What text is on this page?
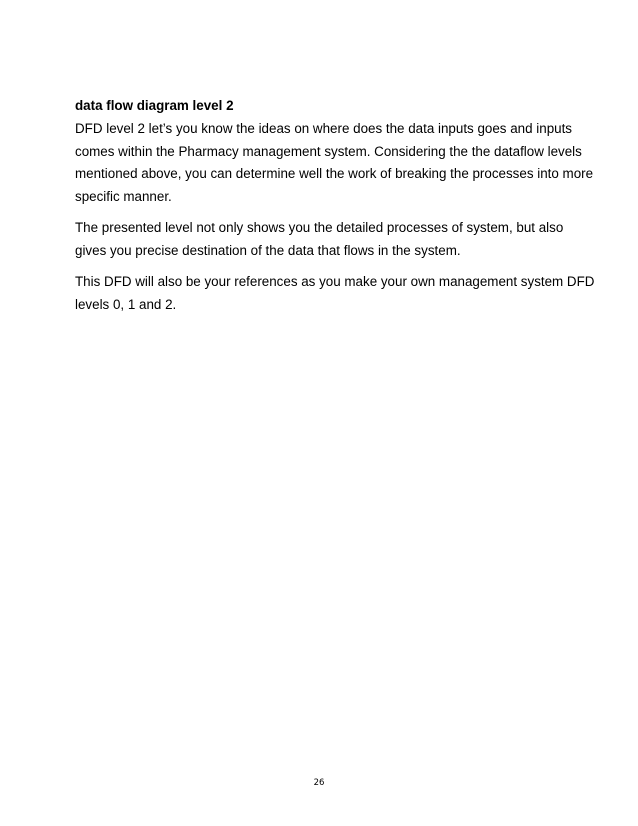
data flow diagram level 2

DFD level 2 let’s you know the ideas on where does the data inputs goes and inputs
comes within the Pharmacy management system. Considering the the dataflow levels
mentioned above, you can determine well the work of breaking the processes into more
specific manner.

The presented level not only shows you the detailed processes of system, but also
gives you precise destination of the data that flows in the system.

This DFD will also be your references as you make your own management system DFD
levels 0, 1 and 2.

26
